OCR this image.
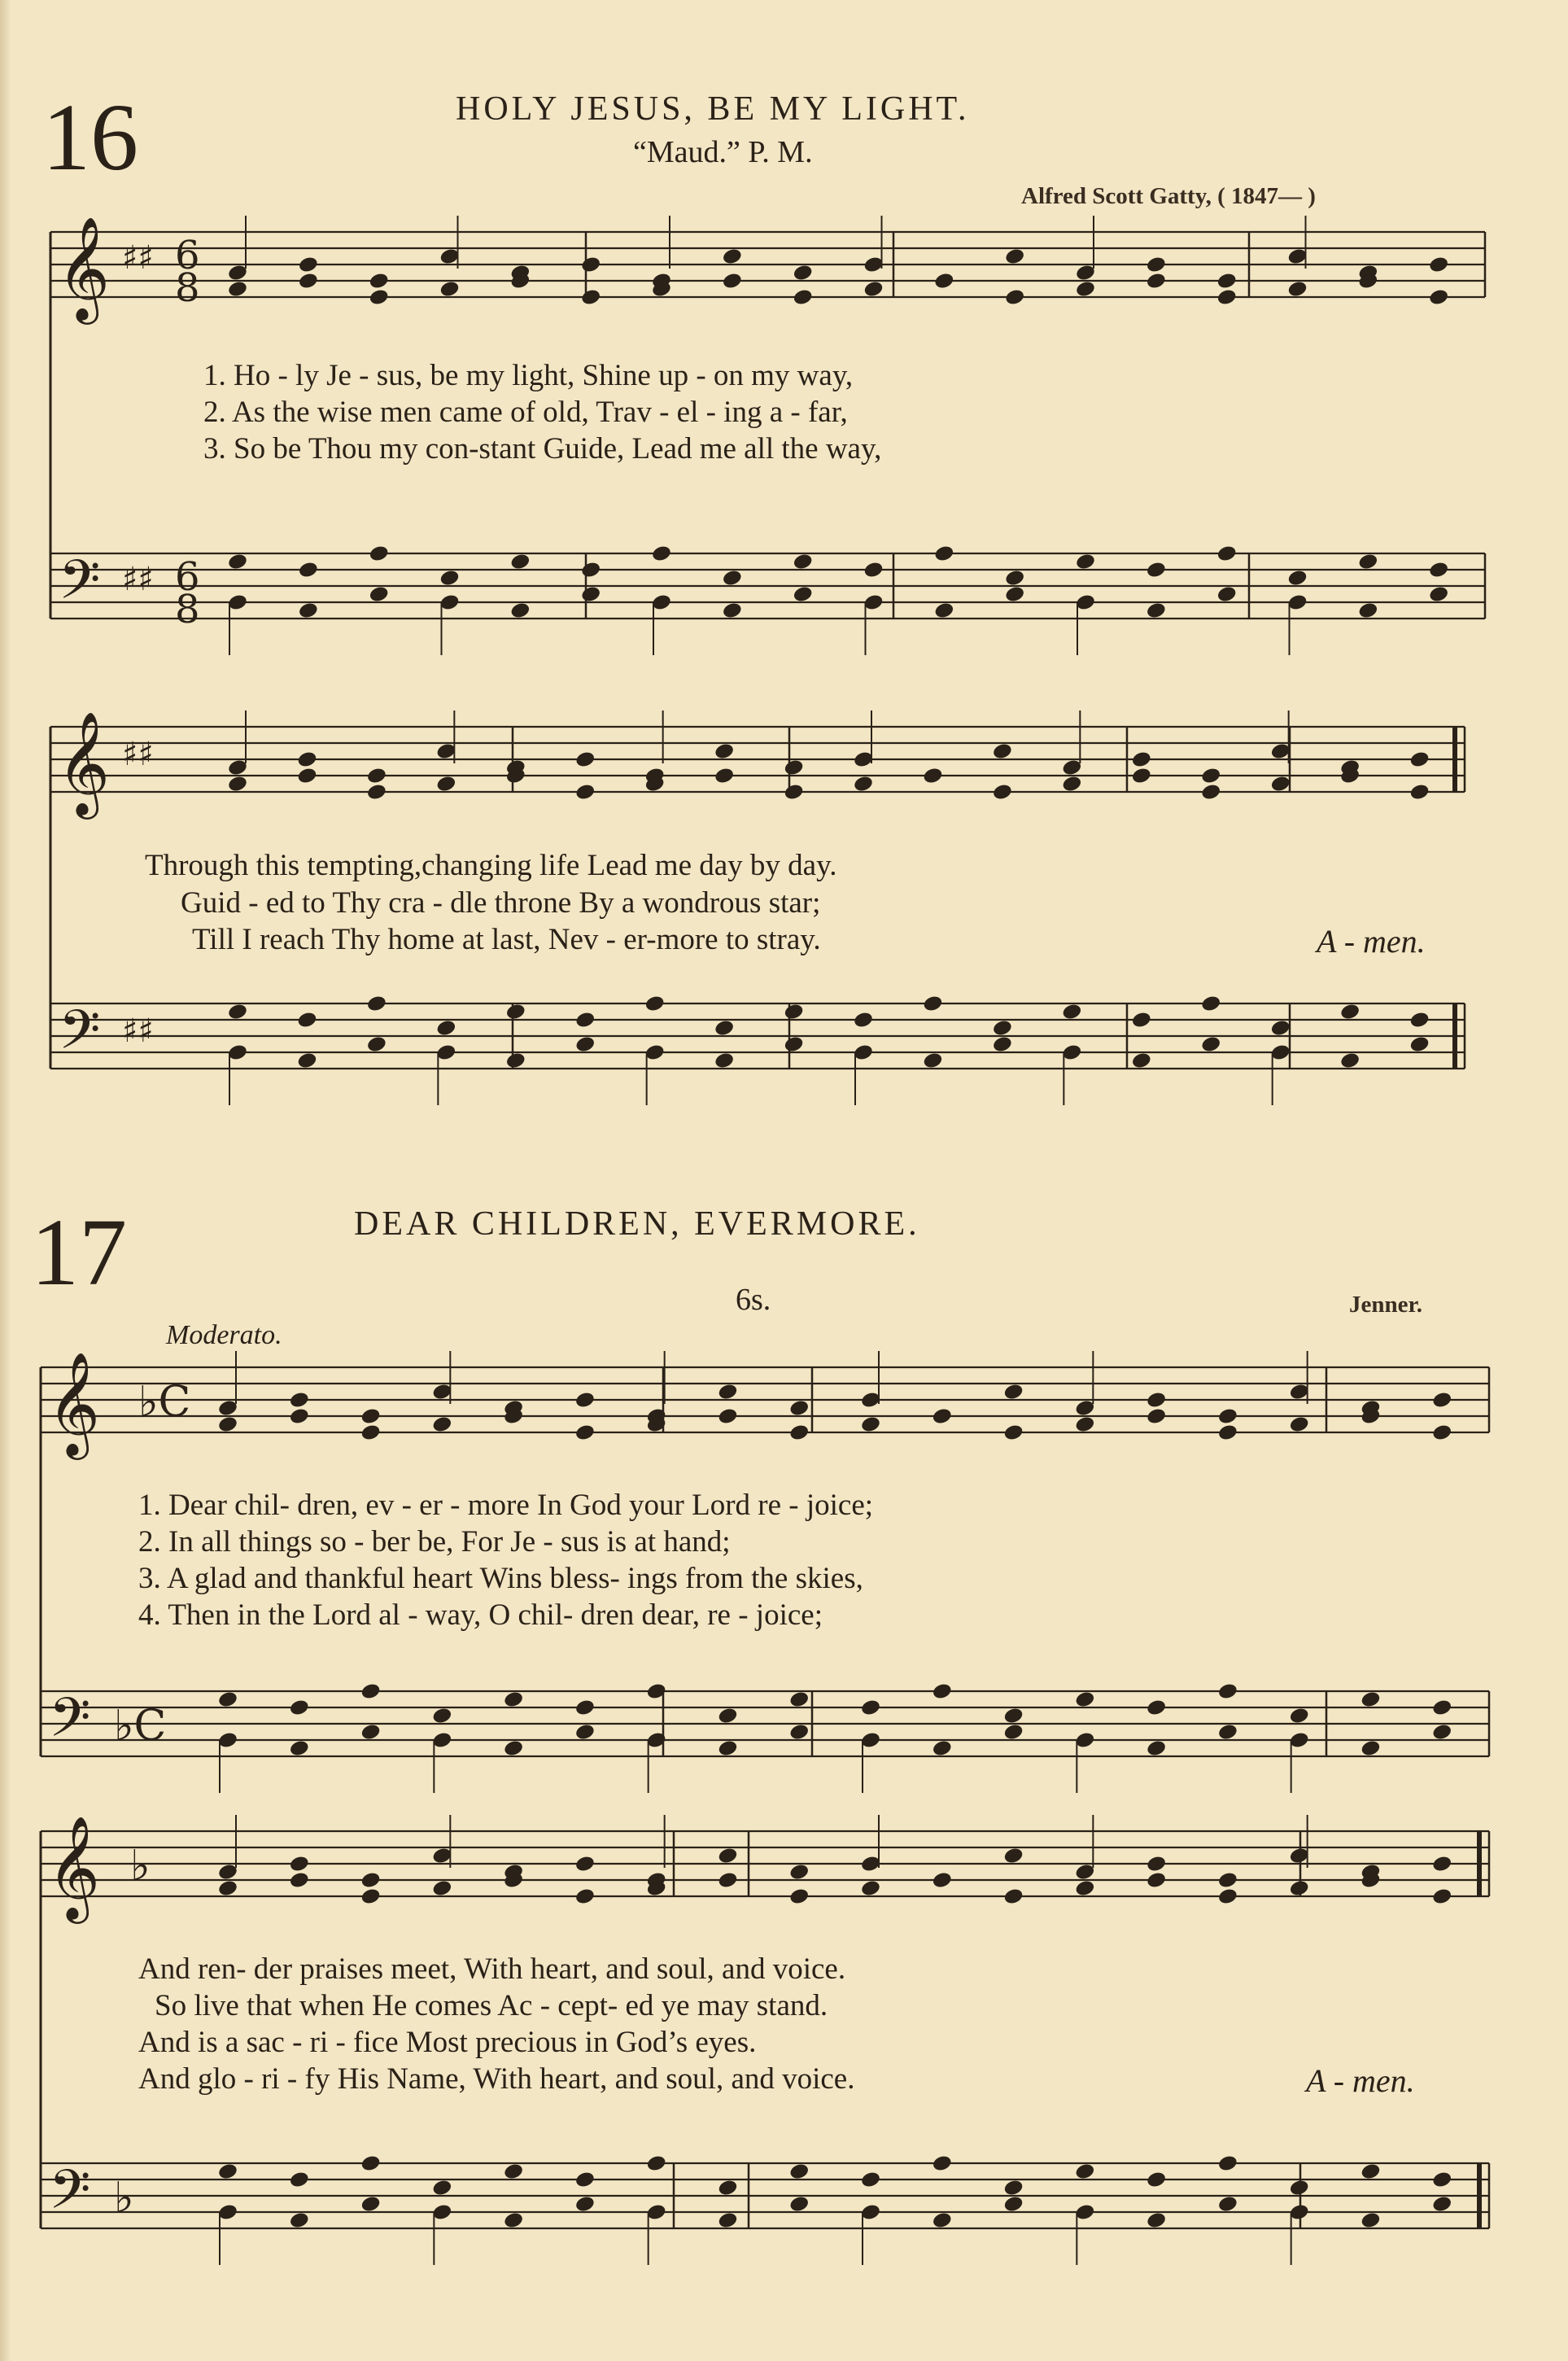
16	HOLY JESUS, BE MY LIGHT.
“Maud.” P. M.
Alfred Scott Gatty, ( 1847— )
1. Ho - ly Je - sus, be my light, Shine up - on my way,
2. As the wise men came of old, Trav - el - ing a - far,
3. So be Thou my con-stant Guide, Lead me all the way,
Through this tempting,changing life Lead me day by day.
Guid - ed to Thy cra - dle throne By a wondrous star;
Till I reach Thy home at last, Nev - er-more to stray.	A - men.
17	DEAR CHILDREN, EVERMORE.
6s.	Jenner.
Moderato.
1. Dear chil- dren, ev - er - more In God your Lord re - joice;
2. In all things so - ber be, For Je - sus is at hand;
3. A glad and thankful heart Wins bless- ings from the skies,
4. Then in the Lord al - way, O chil- dren dear, re - joice;
And ren- der praises meet, With heart, and soul, and voice.
So live that when He comes Ac - cept- ed ye may stand.
And is a sac - ri - fice Most precious in God’s eyes.
And glo - ri - fy His Name, With heart, and soul, and voice.	A - men.
𝄞
𝄢
𝄞
𝄢
𝄞
𝄢
𝄞
𝄢
6
8
6
8
♯♯
♯♯
♯♯
♯♯
♭C
♭C
♭
♭
